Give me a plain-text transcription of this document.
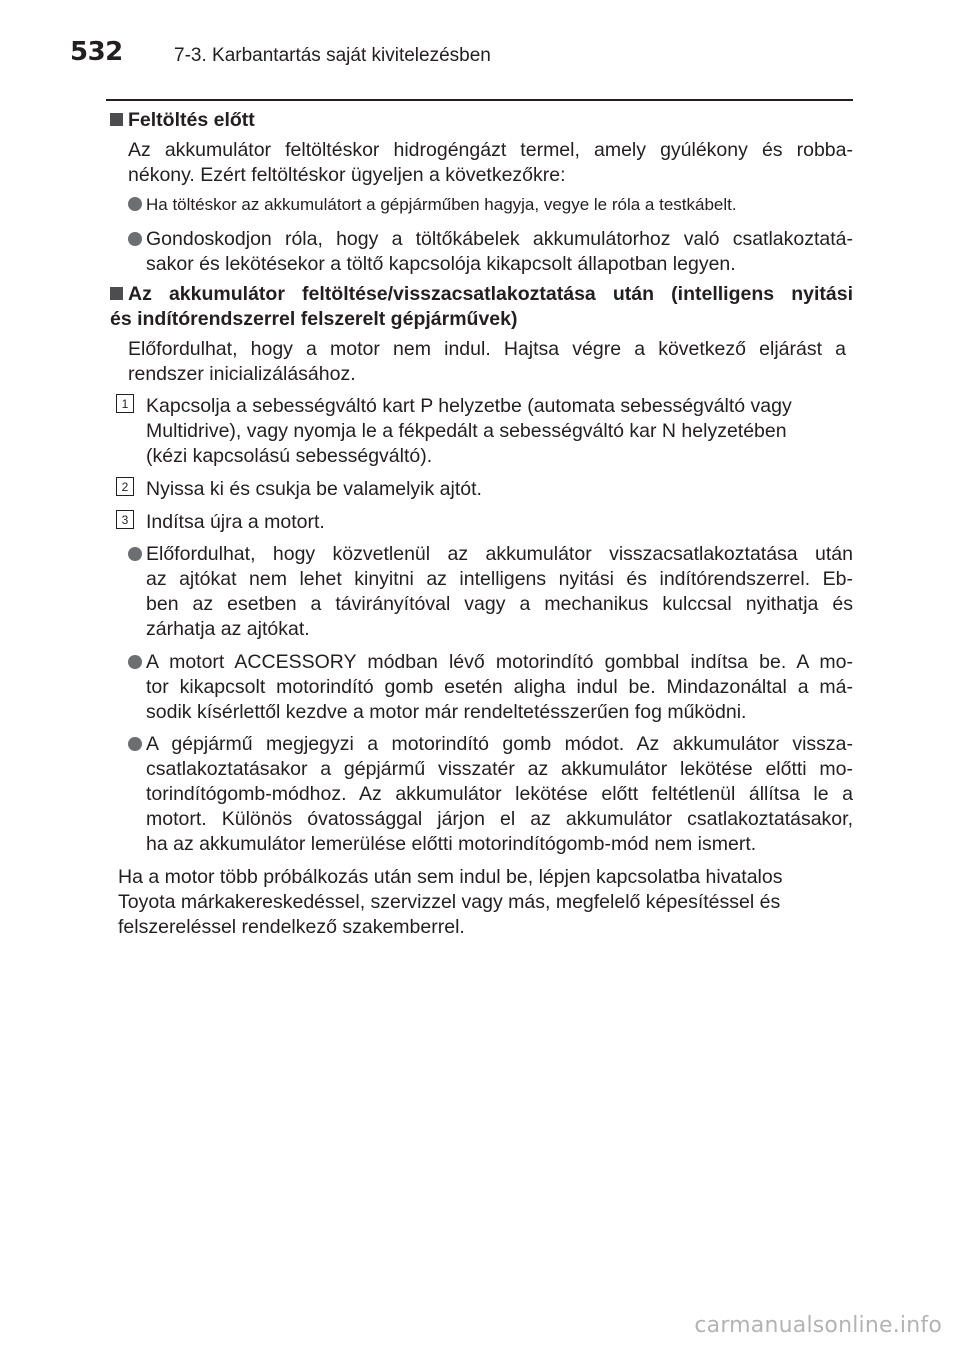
532	7-3. Karbantartás saját kivitelezésben
Feltöltés előtt
Az akkumulátor feltöltéskor hidrogéngázt termel, amely gyúlékony és robba-
nékony. Ezért feltöltéskor ügyeljen a következőkre:
Ha töltéskor az akkumulátort a gépjárműben hagyja, vegye le róla a testkábelt.
Gondoskodjon róla, hogy a töltőkábelek akkumulátorhoz való csatlakoztatá-
sakor és lekötésekor a töltő kapcsolója kikapcsolt állapotban legyen.
Az akkumulátor feltöltése/visszacsatlakoztatása után (intelligens nyitási
és indítórendszerrel felszerelt gépjárművek)
Előfordulhat, hogy a motor nem indul. Hajtsa végre a következő eljárást a
rendszer inicializálásához.
1 Kapcsolja a sebességváltó kart P helyzetbe (automata sebességváltó vagy
Multidrive), vagy nyomja le a fékpedált a sebességváltó kar N helyzetében
(kézi kapcsolású sebességváltó).
2 Nyissa ki és csukja be valamelyik ajtót.
3 Indítsa újra a motort.
Előfordulhat, hogy közvetlenül az akkumulátor visszacsatlakoztatása után
az ajtókat nem lehet kinyitni az intelligens nyitási és indítórendszerrel. Eb-
ben az esetben a távirányítóval vagy a mechanikus kulccsal nyithatja és
zárhatja az ajtókat.
A motort ACCESSORY módban lévő motorindító gombbal indítsa be. A mo-
tor kikapcsolt motorindító gomb esetén aligha indul be. Mindazonáltal a má-
sodik kísérlettől kezdve a motor már rendeltetésszerűen fog működni.
A gépjármű megjegyzi a motorindító gomb módot. Az akkumulátor vissza-
csatlakoztatásakor a gépjármű visszatér az akkumulátor lekötése előtti mo-
torindítógomb-módhoz. Az akkumulátor lekötése előtt feltétlenül állítsa le a
motort. Különös óvatossággal járjon el az akkumulátor csatlakoztatásakor,
ha az akkumulátor lemerülése előtti motorindítógomb-mód nem ismert.
Ha a motor több próbálkozás után sem indul be, lépjen kapcsolatba hivatalos
Toyota márkakereskedéssel, szervizzel vagy más, megfelelő képesítéssel és
felszereléssel rendelkező szakemberrel.
carmanualsonline.info
